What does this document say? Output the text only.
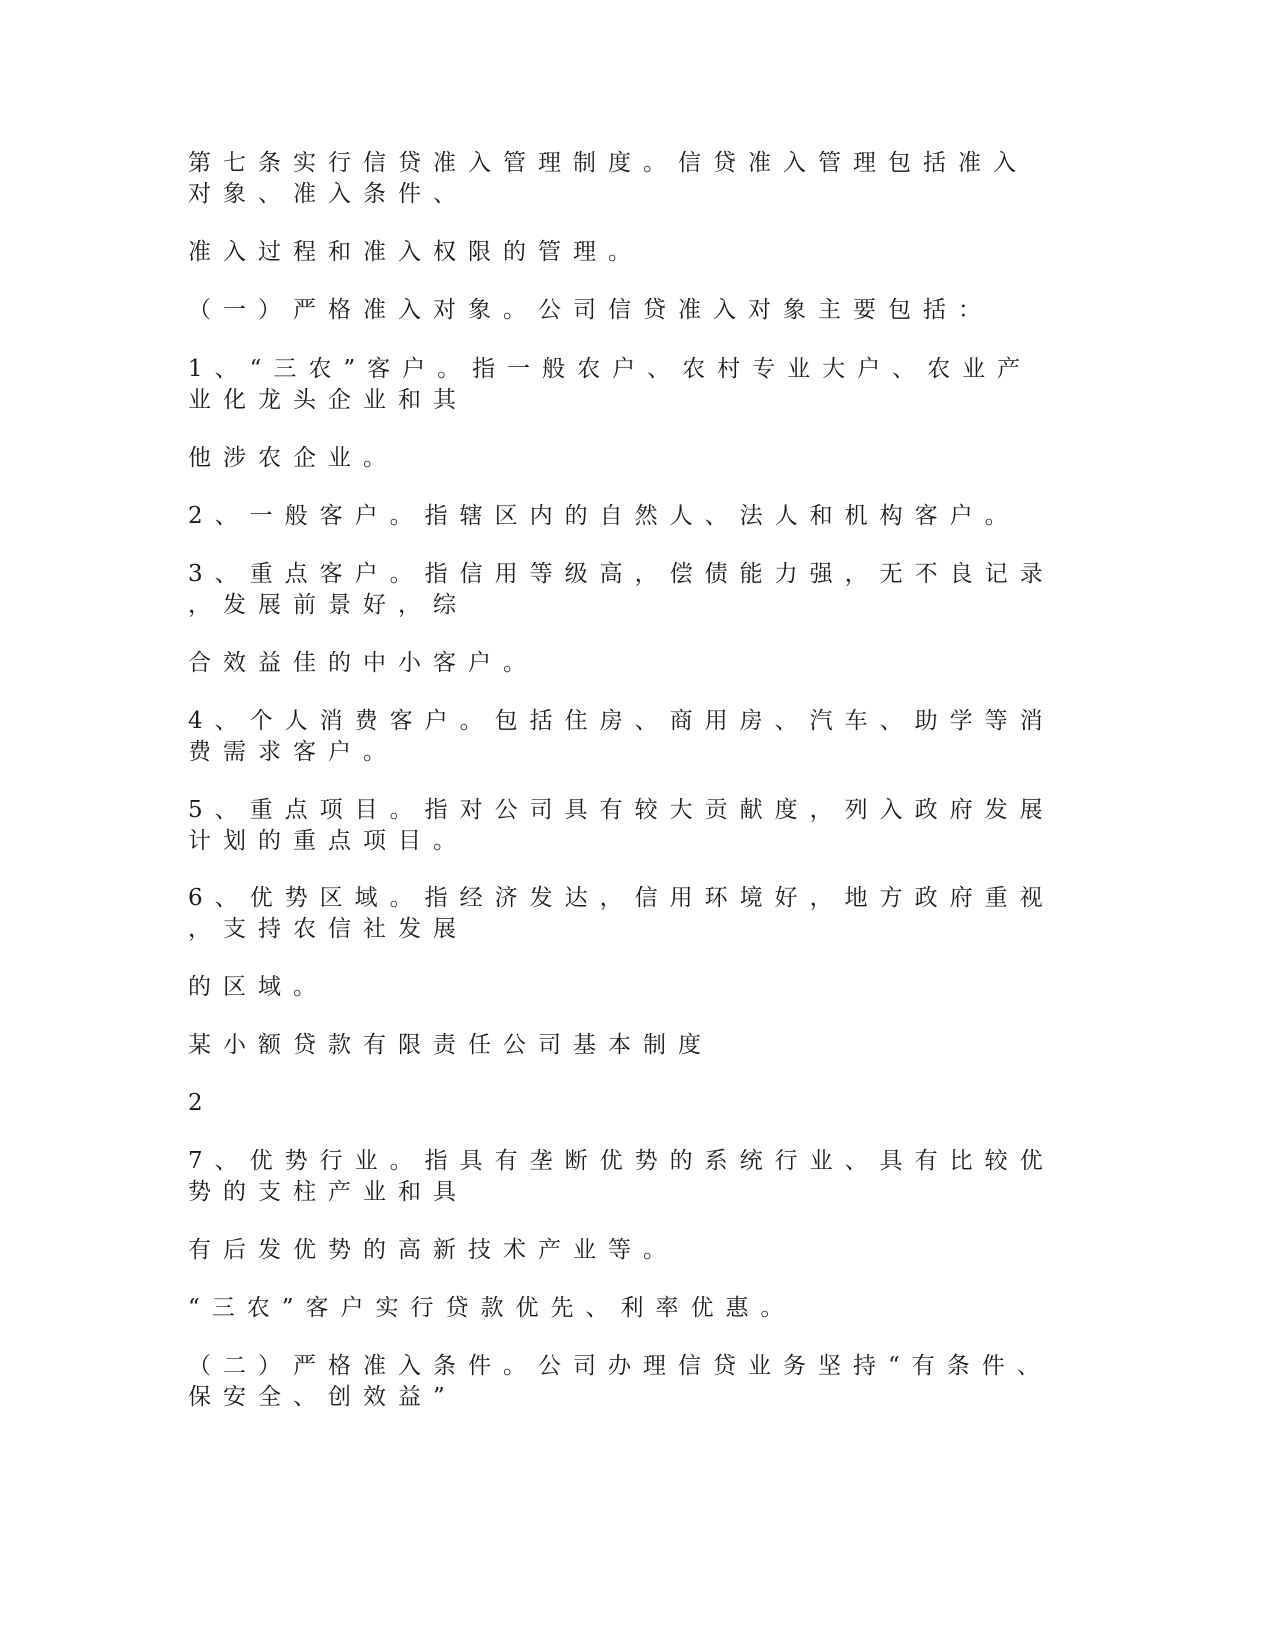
第七条实行信贷准入管理制度。信贷准入管理包括准入
对象、准入条件、

准入过程和准入权限的管理。

（一）严格准入对象。公司信贷准入对象主要包括：

1、“三农”客户。指一般农户、农村专业大户、农业产
业化龙头企业和其

他涉农企业。

2、一般客户。指辖区内的自然人、法人和机构客户。

3、重点客户。指信用等级高，偿债能力强，无不良记录
，发展前景好，综

合效益佳的中小客户。

4、个人消费客户。包括住房、商用房、汽车、助学等消
费需求客户。

5、重点项目。指对公司具有较大贡献度，列入政府发展
计划的重点项目。

6、优势区域。指经济发达，信用环境好，地方政府重视
，支持农信社发展

的区域。

某小额贷款有限责任公司基本制度

2

7、优势行业。指具有垄断优势的系统行业、具有比较优
势的支柱产业和具

有后发优势的高新技术产业等。

“三农”客户实行贷款优先、利率优惠。

（二）严格准入条件。公司办理信贷业务坚持“有条件、
保安全、创效益”
